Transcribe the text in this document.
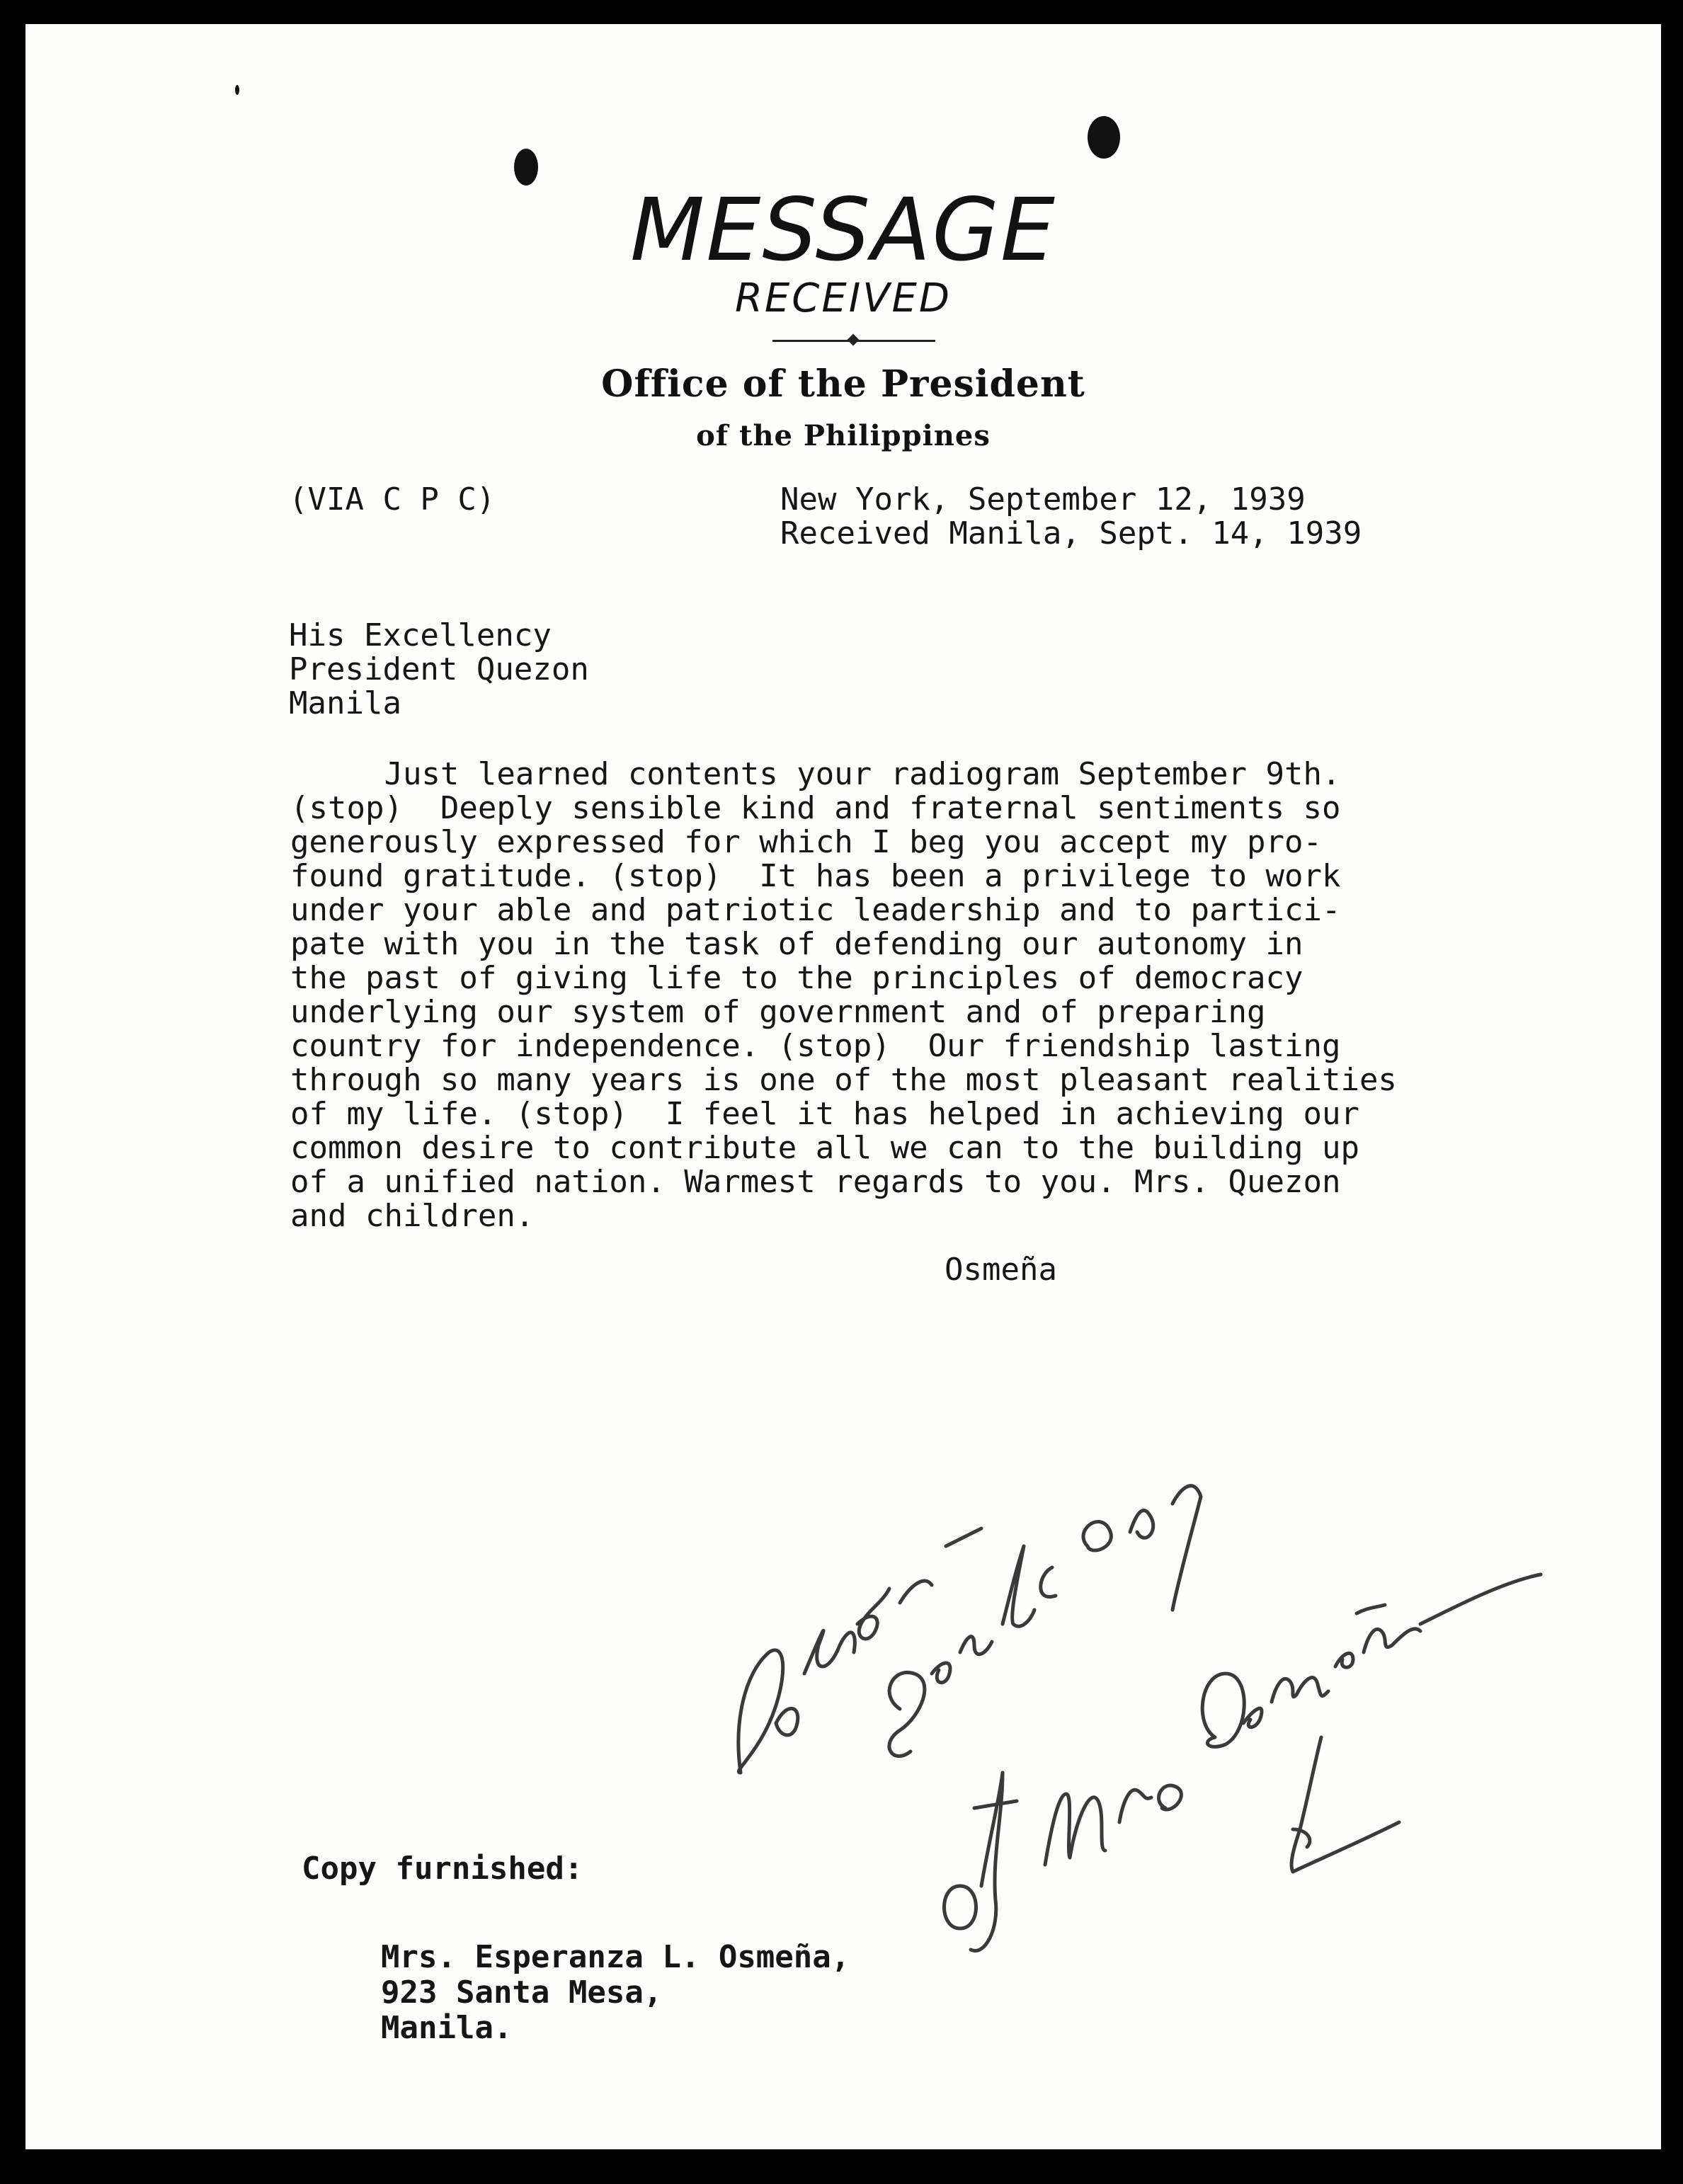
MESSAGE
RECEIVED
Office of the President
of the Philippines
(VIA C P C)	New York, September 12, 1939
Received Manila, Sept. 14, 1939
His Excellency
President Quezon
Manila
Just learned contents your radiogram September 9th.
(stop)  Deeply sensible kind and fraternal sentiments so
generously expressed for which I beg you accept my pro-
found gratitude. (stop)  It has been a privilege to work
under your able and patriotic leadership and to partici-
pate with you in the task of defending our autonomy in
the past of giving life to the principles of democracy
underlying our system of government and of preparing
country for independence. (stop)  Our friendship lasting
through so many years is one of the most pleasant realities
of my life. (stop)  I feel it has helped in achieving our
common desire to contribute all we can to the building up
of a unified nation. Warmest regards to you. Mrs. Quezon
and children.
Osmeña
Copy furnished:
Mrs. Esperanza L. Osmeña,
923 Santa Mesa,
Manila.
